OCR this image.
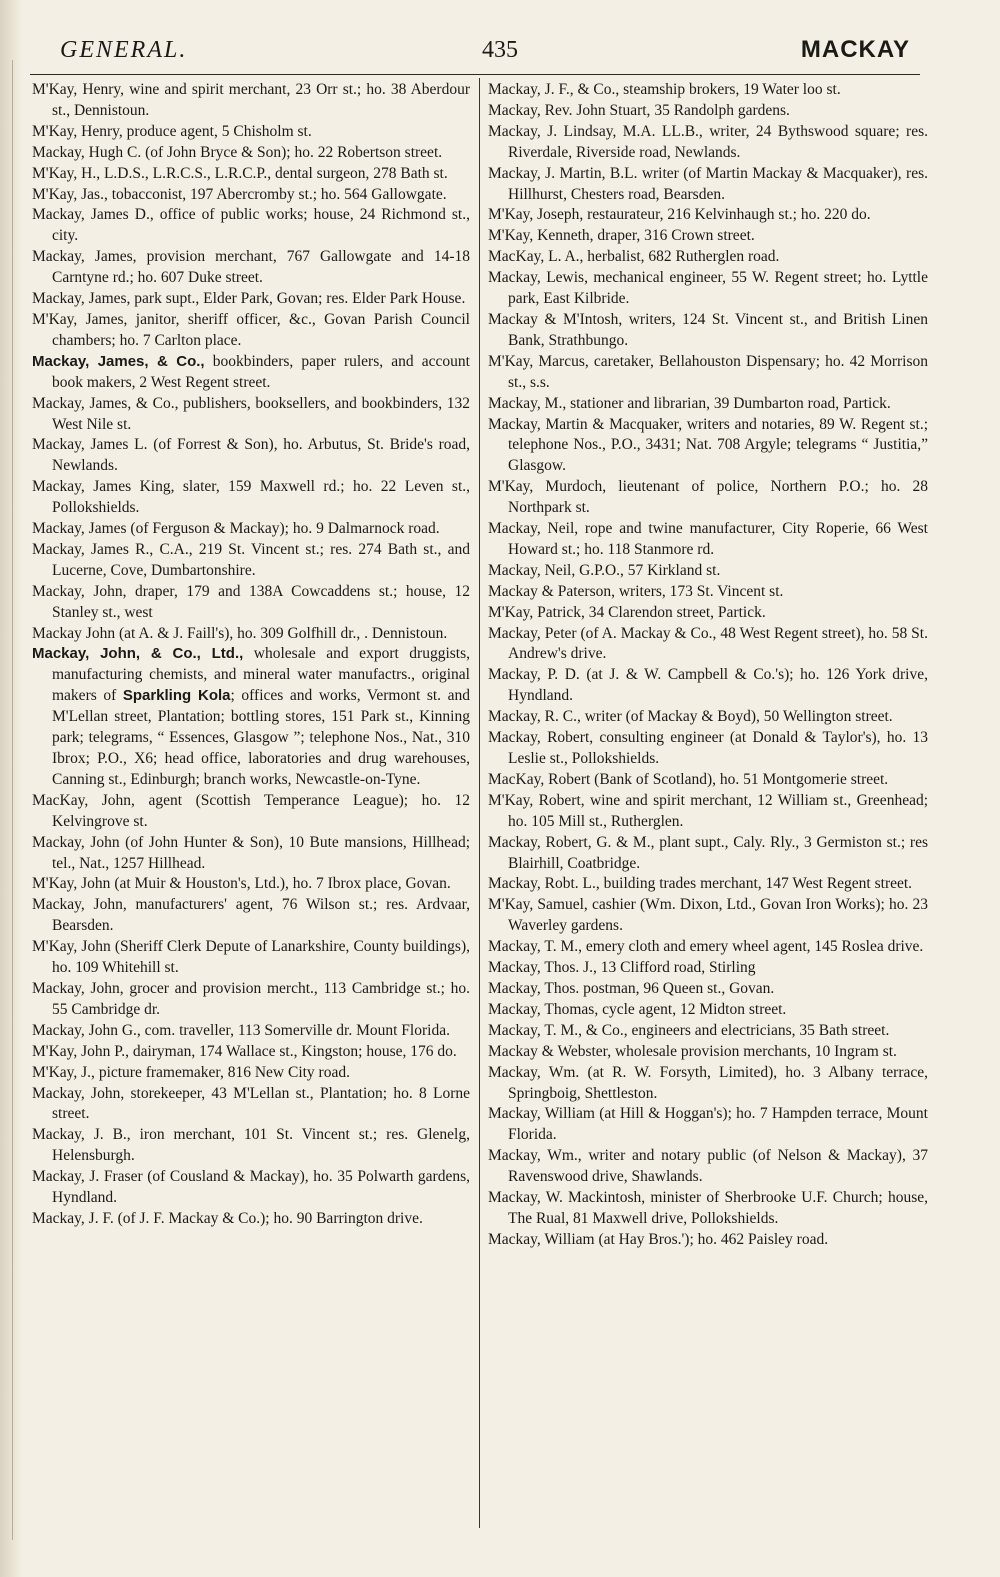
GENERAL.	435	MACKAY

M'Kay, Henry, wine and spirit merchant, 23 Orr st.; ho. 38 Aberdour st., Dennistoun.

M'Kay, Henry, produce agent, 5 Chisholm st.

Mackay, Hugh C. (of John Bryce & Son); ho. 22 Robertson street.

M'Kay, H., L.D.S., L.R.C.S., L.R.C.P., dental surgeon, 278 Bath st.

M'Kay, Jas., tobacconist, 197 Abercromby st.; ho. 564 Gallowgate.

Mackay, James D., office of public works; house, 24 Richmond st., city.

Mackay, James, provision merchant, 767 Gallowgate and 14-18 Carntyne rd.; ho. 607 Duke street.

Mackay, James, park supt., Elder Park, Govan; res. Elder Park House.

M'Kay, James, janitor, sheriff officer, &c., Govan Parish Council chambers; ho. 7 Carlton place.

Mackay, James, & Co., bookbinders, paper rulers, and account book makers, 2 West Regent street.

Mackay, James, & Co., publishers, booksellers, and bookbinders, 132 West Nile st.

Mackay, James L. (of Forrest & Son), ho. Arbutus, St. Bride's road, Newlands.

Mackay, James King, slater, 159 Maxwell rd.; ho. 22 Leven st., Pollokshields.

Mackay, James (of Ferguson & Mackay); ho. 9 Dalmarnock road.

Mackay, James R., C.A., 219 St. Vincent st.; res. 274 Bath st., and Lucerne, Cove, Dumbartonshire.

Mackay, John, draper, 179 and 138A Cowcaddens st.; house, 12 Stanley st., west

Mackay John (at A. & J. Faill's), ho. 309 Golfhill dr., . Dennistoun.

Mackay, John, & Co., Ltd., wholesale and export druggists, manufacturing chemists, and mineral water manufactrs., original makers of Sparkling Kola; offices and works, Vermont st. and M'Lellan street, Plantation; bottling stores, 151 Park st., Kinning park; telegrams, “ Essences, Glasgow ”; telephone Nos., Nat., 310 Ibrox; P.O., X6; head office, laboratories and drug warehouses, Canning st., Edinburgh; branch works, Newcastle-on-Tyne.

MacKay, John, agent (Scottish Temperance League); ho. 12 Kelvingrove st.

Mackay, John (of John Hunter & Son), 10 Bute mansions, Hillhead; tel., Nat., 1257 Hillhead.

M'Kay, John (at Muir & Houston's, Ltd.), ho. 7 Ibrox place, Govan.

Mackay, John, manufacturers' agent, 76 Wilson st.; res. Ardvaar, Bearsden.

M'Kay, John (Sheriff Clerk Depute of Lanarkshire, County buildings), ho. 109 Whitehill st.

Mackay, John, grocer and provision mercht., 113 Cambridge st.; ho. 55 Cambridge dr.

Mackay, John G., com. traveller, 113 Somerville dr. Mount Florida.

M'Kay, John P., dairyman, 174 Wallace st., Kingston; house, 176 do.

M'Kay, J., picture framemaker, 816 New City road.

Mackay, John, storekeeper, 43 M'Lellan st., Plantation; ho. 8 Lorne street.

Mackay, J. B., iron merchant, 101 St. Vincent st.; res. Glenelg, Helensburgh.

Mackay, J. Fraser (of Cousland & Mackay), ho. 35 Polwarth gardens, Hyndland.

Mackay, J. F. (of J. F. Mackay & Co.); ho. 90 Barrington drive.

Mackay, J. F., & Co., steamship brokers, 19 Water loo st.

Mackay, Rev. John Stuart, 35 Randolph gardens.

Mackay, J. Lindsay, M.A. LL.B., writer, 24 Bythswood square; res. Riverdale, Riverside road, Newlands.

Mackay, J. Martin, B.L. writer (of Martin Mackay & Macquaker), res. Hillhurst, Chesters road, Bearsden.

M'Kay, Joseph, restaurateur, 216 Kelvinhaugh st.; ho. 220 do.

M'Kay, Kenneth, draper, 316 Crown street.

MacKay, L. A., herbalist, 682 Rutherglen road.

Mackay, Lewis, mechanical engineer, 55 W. Regent street; ho. Lyttle park, East Kilbride.

Mackay & M'Intosh, writers, 124 St. Vincent st., and British Linen Bank, Strathbungo.

M'Kay, Marcus, caretaker, Bellahouston Dispensary; ho. 42 Morrison st., s.s.

Mackay, M., stationer and librarian, 39 Dumbarton road, Partick.

Mackay, Martin & Macquaker, writers and notaries, 89 W. Regent st.; telephone Nos., P.O., 3431; Nat. 708 Argyle; telegrams “ Justitia,” Glasgow.

M'Kay, Murdoch, lieutenant of police, Northern P.O.; ho. 28 Northpark st.

Mackay, Neil, rope and twine manufacturer, City Roperie, 66 West Howard st.; ho. 118 Stanmore rd.

Mackay, Neil, G.P.O., 57 Kirkland st.

Mackay & Paterson, writers, 173 St. Vincent st.

M'Kay, Patrick, 34 Clarendon street, Partick.

Mackay, Peter (of A. Mackay & Co., 48 West Regent street), ho. 58 St. Andrew's drive.

Mackay, P. D. (at J. & W. Campbell & Co.'s); ho. 126 York drive, Hyndland.

Mackay, R. C., writer (of Mackay & Boyd), 50 Wellington street.

Mackay, Robert, consulting engineer (at Donald & Taylor's), ho. 13 Leslie st., Pollokshields.

MacKay, Robert (Bank of Scotland), ho. 51 Montgomerie street.

M'Kay, Robert, wine and spirit merchant, 12 William st., Greenhead; ho. 105 Mill st., Rutherglen.

Mackay, Robert, G. & M., plant supt., Caly. Rly., 3 Germiston st.; res Blairhill, Coatbridge.

Mackay, Robt. L., building trades merchant, 147 West Regent street.

M'Kay, Samuel, cashier (Wm. Dixon, Ltd., Govan Iron Works); ho. 23 Waverley gardens.

Mackay, T. M., emery cloth and emery wheel agent, 145 Roslea drive.

Mackay, Thos. J., 13 Clifford road, Stirling

Mackay, Thos. postman, 96 Queen st., Govan.

Mackay, Thomas, cycle agent, 12 Midton street.

Mackay, T. M., & Co., engineers and electricians, 35 Bath street.

Mackay & Webster, wholesale provision merchants, 10 Ingram st.

Mackay, Wm. (at R. W. Forsyth, Limited), ho. 3 Albany terrace, Springboig, Shettleston.

Mackay, William (at Hill & Hoggan's); ho. 7 Hampden terrace, Mount Florida.

Mackay, Wm., writer and notary public (of Nelson & Mackay), 37 Ravenswood drive, Shawlands.

Mackay, W. Mackintosh, minister of Sherbrooke U.F. Church; house, The Rual, 81 Maxwell drive, Pollokshields.

Mackay, William (at Hay Bros.'); ho. 462 Paisley road.
